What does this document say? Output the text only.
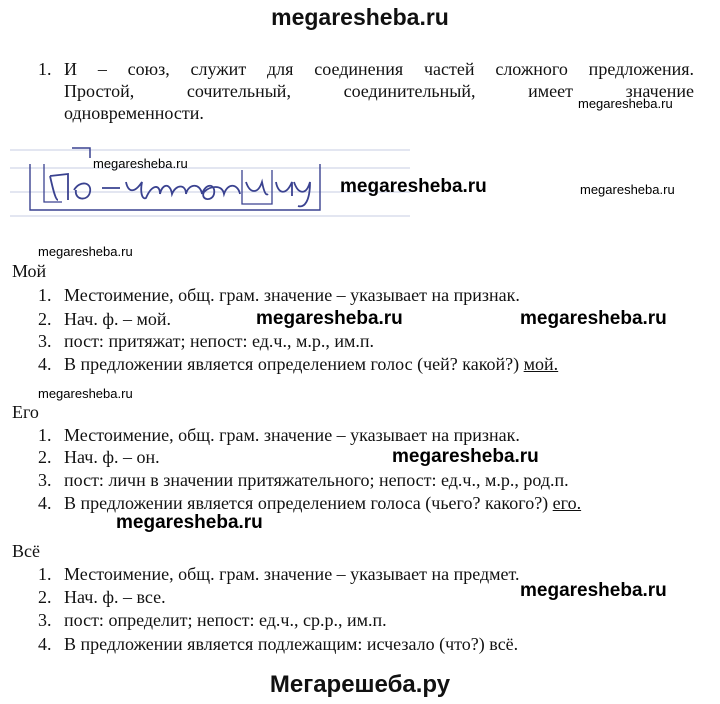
megaresheba.ru
1. И – союз, служит для соединения частей сложного предложения.
Простой,	сочительный,	соединительный,	имеет	значение
одновременности.	megaresheba.ru
megaresheba.ru
megaresheba.ru	megaresheba.ru
megaresheba.ru
Мой
1. Местоимение, общ. грам. значение – указывает на признак.
2. Нач. ф. – мой.
3. пост: притяжат; непост: ед.ч., м.р., им.п.
4. В предложении является определением голос (чей? какой?) мой.
megaresheba.ru	megaresheba.ru
megaresheba.ru
Его
1. Местоимение, общ. грам. значение – указывает на признак.
2. Нач. ф. – он.
3. пост: личн в значении притяжательного; непост: ед.ч., м.р., род.п.
4. В предложении является определением голоса (чьего? какого?) его.
megaresheba.ru
megaresheba.ru
Всё
1. Местоимение, общ. грам. значение – указывает на предмет.
2. Нач. ф. – все.
3. пост: определит; непост: ед.ч., ср.р., им.п.
4. В предложении является подлежащим: исчезало (что?) всё.
megaresheba.ru
Мегарешеба.ру
